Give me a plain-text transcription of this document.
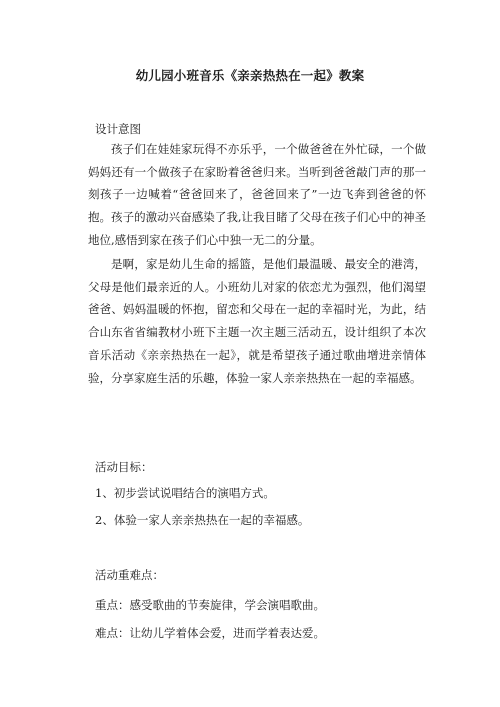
幼儿园小班音乐《亲亲热热在一起》教案
设计意图
孩子们在娃娃家玩得不亦乐乎，一个做爸爸在外忙碌，一个做妈妈还有一个做孩子在家盼着爸爸归来。当听到爸爸敲门声的那一刻孩子一边喊着“爸爸回来了，爸爸回来了”一边飞奔到爸爸的怀抱。孩子的激动兴奋感染了我,让我目睹了父母在孩子们心中的神圣地位,感悟到家在孩子们心中独一无二的分量。
是啊，家是幼儿生命的摇篮，是他们最温暖、最安全的港湾，父母是他们最亲近的人。小班幼儿对家的依恋尤为强烈，他们渴望爸爸、妈妈温暖的怀抱，留恋和父母在一起的幸福时光，为此，结合山东省省编教材小班下主题一次主题三活动五，设计组织了本次音乐活动《亲亲热热在一起》，就是希望孩子通过歌曲增进亲情体验，分享家庭生活的乐趣，体验一家人亲亲热热在一起的幸福感。
活动目标：
1、初步尝试说唱结合的演唱方式。
2、体验一家人亲亲热热在一起的幸福感。
活动重难点：
重点：感受歌曲的节奏旋律，学会演唱歌曲。
难点：让幼儿学着体会爱，进而学着表达爱。
